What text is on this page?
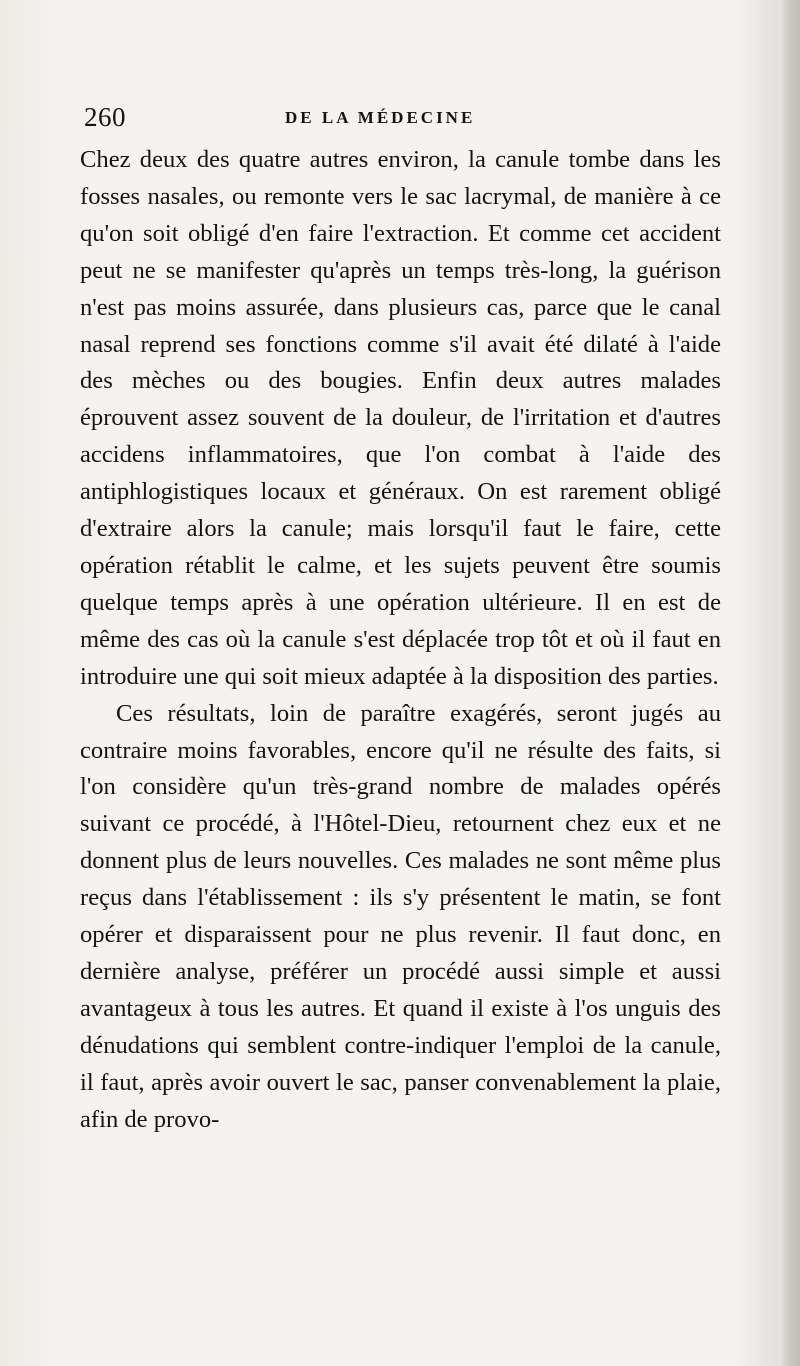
260	DE LA MÉDECINE

Chez deux des quatre autres environ, la canule tombe dans les fosses nasales, ou remonte vers le sac lacrymal, de manière à ce qu'on soit obligé d'en faire l'extraction. Et comme cet accident peut ne se manifester qu'après un temps très-long, la guérison n'est pas moins assurée, dans plusieurs cas, parce que le canal nasal reprend ses fonctions comme s'il avait été dilaté à l'aide des mèches ou des bougies. Enfin deux autres malades éprouvent assez souvent de la douleur, de l'irritation et d'autres accidens inflammatoires, que l'on combat à l'aide des antiphlogistiques locaux et généraux. On est rarement obligé d'extraire alors la canule; mais lorsqu'il faut le faire, cette opération rétablit le calme, et les sujets peuvent être soumis quelque temps après à une opération ultérieure. Il en est de même des cas où la canule s'est déplacée trop tôt et où il faut en introduire une qui soit mieux adaptée à la disposition des parties.

Ces résultats, loin de paraître exagérés, seront jugés au contraire moins favorables, encore qu'il ne résulte des faits, si l'on considère qu'un très-grand nombre de malades opérés suivant ce procédé, à l'Hôtel-Dieu, retournent chez eux et ne donnent plus de leurs nouvelles. Ces malades ne sont même plus reçus dans l'établissement : ils s'y présentent le matin, se font opérer et disparaissent pour ne plus revenir. Il faut donc, en dernière analyse, préférer un procédé aussi simple et aussi avantageux à tous les autres. Et quand il existe à l'os unguis des dénudations qui semblent contre-indiquer l'emploi de la canule, il faut, après avoir ouvert le sac, panser convenablement la plaie, afin de provo-
